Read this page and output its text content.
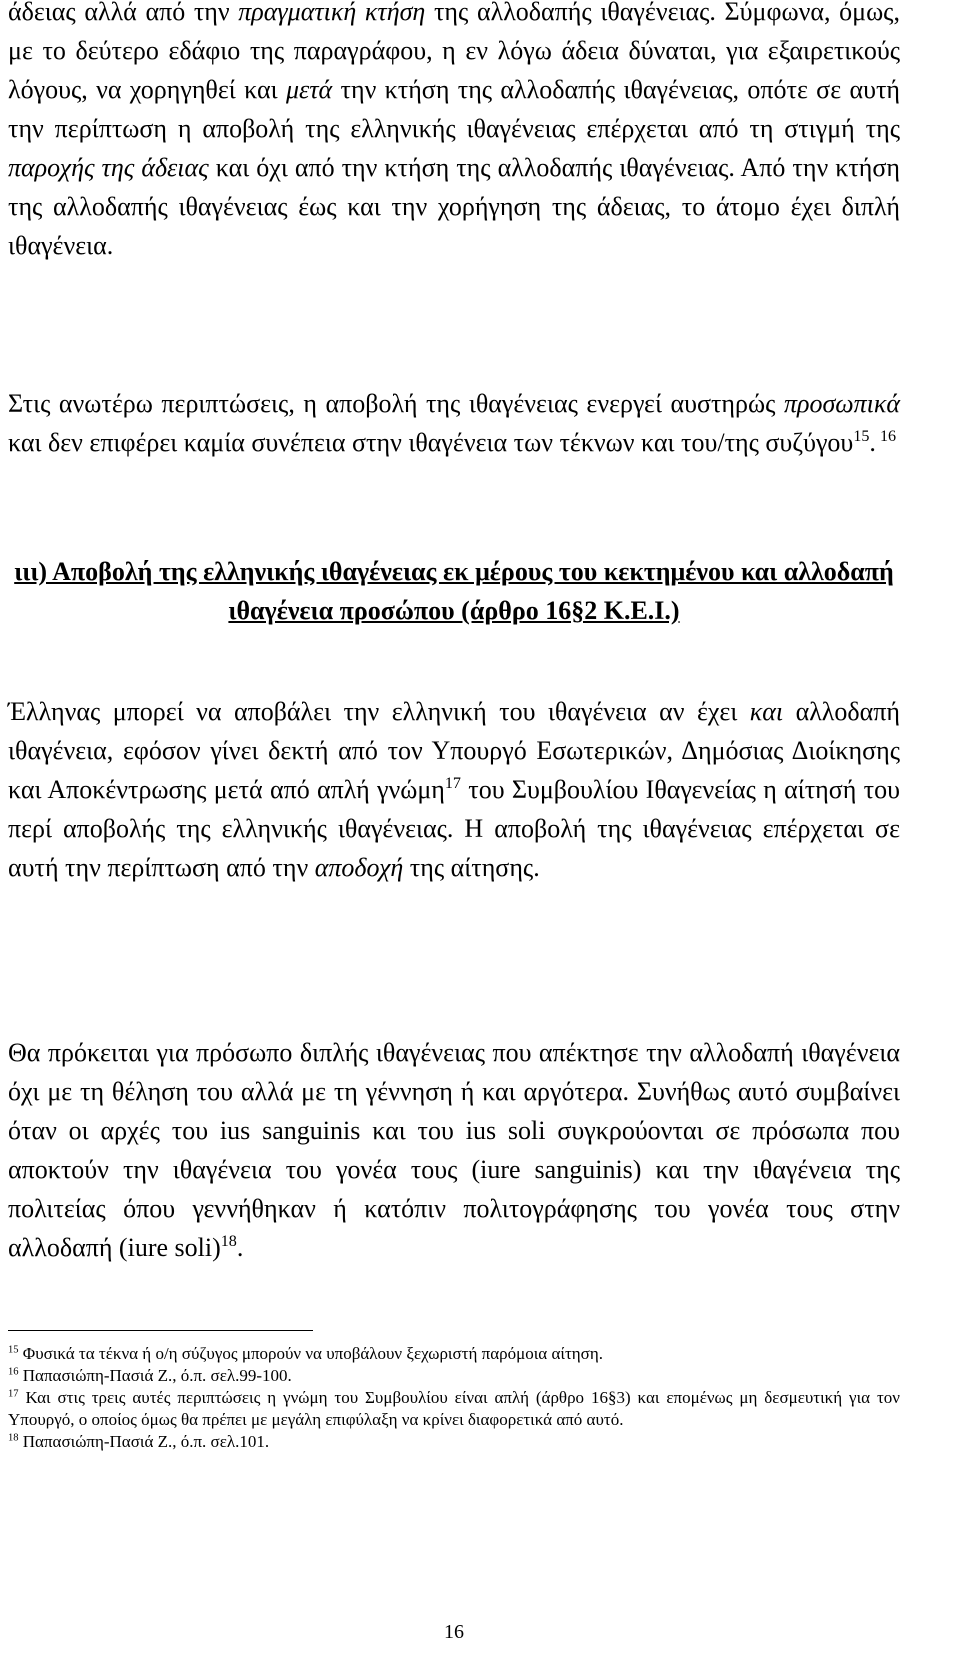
άδειας αλλά από την πραγματική κτήση της αλλοδαπής ιθαγένειας. Σύμφωνα, όμως, με το δεύτερο εδάφιο της παραγράφου, η εν λόγω άδεια δύναται, για εξαιρετικούς λόγους, να χορηγηθεί και μετά την κτήση της αλλοδαπής ιθαγένειας, οπότε σε αυτή την περίπτωση η αποβολή της ελληνικής ιθαγένειας επέρχεται από τη στιγμή της παροχής της άδειας και όχι από την κτήση της αλλοδαπής ιθαγένειας. Από την κτήση της αλλοδαπής ιθαγένειας έως και την χορήγηση της άδειας, το άτομο έχει διπλή ιθαγένεια.

Στις ανωτέρω περιπτώσεις, η αποβολή της ιθαγένειας ενεργεί αυστηρώς προσωπικά και δεν επιφέρει καμία συνέπεια στην ιθαγένεια των τέκνων και του/της συζύγου$^{15}$. $^{16}$

ιιι) Αποβολή της ελληνικής ιθαγένειας εκ μέρους του κεκτημένου και αλλοδαπή ιθαγένεια προσώπου (άρθρο 16§2 Κ.Ε.Ι.)

Έλληνας μπορεί να αποβάλει την ελληνική του ιθαγένεια αν έχει και αλλοδαπή ιθαγένεια, εφόσον γίνει δεκτή από τον Υπουργό Εσωτερικών, Δημόσιας Διοίκησης και Αποκέντρωσης μετά από απλή γνώμη$^{17}$ του Συμβουλίου Ιθαγενείας η αίτησή του περί αποβολής της ελληνικής ιθαγένειας. Η αποβολή της ιθαγένειας επέρχεται σε αυτή την περίπτωση από την αποδοχή της αίτησης.

Θα πρόκειται για πρόσωπο διπλής ιθαγένειας που απέκτησε την αλλοδαπή ιθαγένεια όχι με τη θέληση του αλλά με τη γέννηση ή και αργότερα. Συνήθως αυτό συμβαίνει όταν οι αρχές του ius sanguinis και του ius soli συγκρούονται σε πρόσωπα που αποκτούν την ιθαγένεια του γονέα τους (iure sanguinis) και την ιθαγένεια της πολιτείας όπου γεννήθηκαν ή κατόπιν πολιτογράφησης του γονέα τους στην αλλοδαπή (iure soli)$^{18}$.

$^{15}$ Φυσικά τα τέκνα ή ο/η σύζυγος μπορούν να υποβάλουν ξεχωριστή παρόμοια αίτηση.

$^{16}$ Παπασιώπη-Πασιά Ζ., ό.π. σελ.99-100.

$^{17}$ Και στις τρεις αυτές περιπτώσεις η γνώμη του Συμβουλίου είναι απλή (άρθρο 16§3) και επομένως μη δεσμευτική για τον Υπουργό, ο οποίος όμως θα πρέπει με μεγάλη επιφύλαξη να κρίνει διαφορετικά από αυτό.

$^{18}$ Παπασιώπη-Πασιά Ζ., ό.π. σελ.101.

16
